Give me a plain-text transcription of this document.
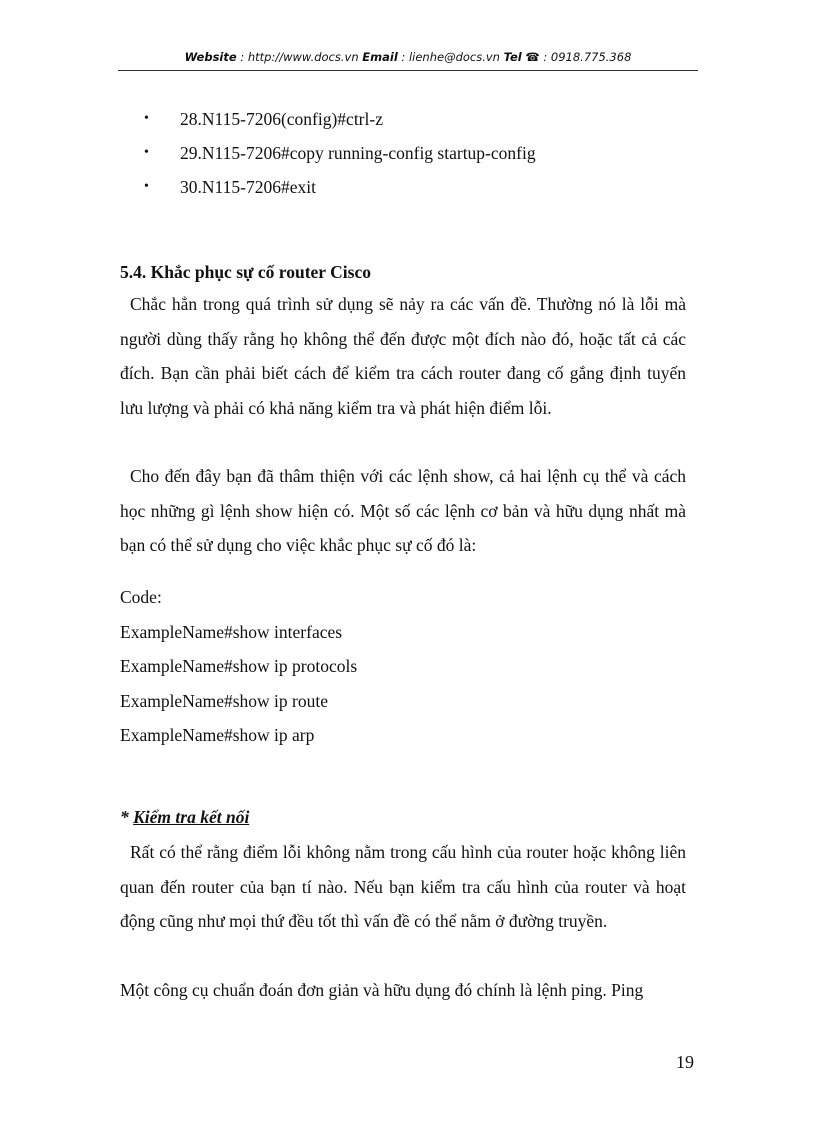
Website : http://www.docs.vn Email : lienhe@docs.vn Tel ☎ : 0918.775.368
• 28.N115-7206(config)#ctrl-z
• 29.N115-7206#copy running-config startup-config
• 30.N115-7206#exit
5.4. Khắc phục sự cố router Cisco
Chắc hẳn trong quá trình sử dụng sẽ nảy ra các vấn đề. Thường nó là lỗi mà người dùng thấy rằng họ không thể đến được một đích nào đó, hoặc tất cả các đích. Bạn cần phải biết cách để kiểm tra cách router đang cố gắng định tuyến lưu lượng và phải có khả năng kiểm tra và phát hiện điểm lỗi.
Cho đến đây bạn đã thâm thiện với các lệnh show, cả hai lệnh cụ thể và cách học những gì lệnh show hiện có. Một số các lệnh cơ bản và hữu dụng nhất mà bạn có thể sử dụng cho việc khắc phục sự cố đó là:
Code:
ExampleName#show interfaces
ExampleName#show ip protocols
ExampleName#show ip route
ExampleName#show ip arp
* Kiểm tra kết nối
Rất có thể rằng điểm lỗi không nằm trong cấu hình của router hoặc không liên quan đến router của bạn tí nào. Nếu bạn kiểm tra cấu hình của router và hoạt động cũng như mọi thứ đều tốt thì vấn đề có thể nằm ở đường truyền.
Một công cụ chuẩn đoán đơn giản và hữu dụng đó chính là lệnh ping. Ping
19
